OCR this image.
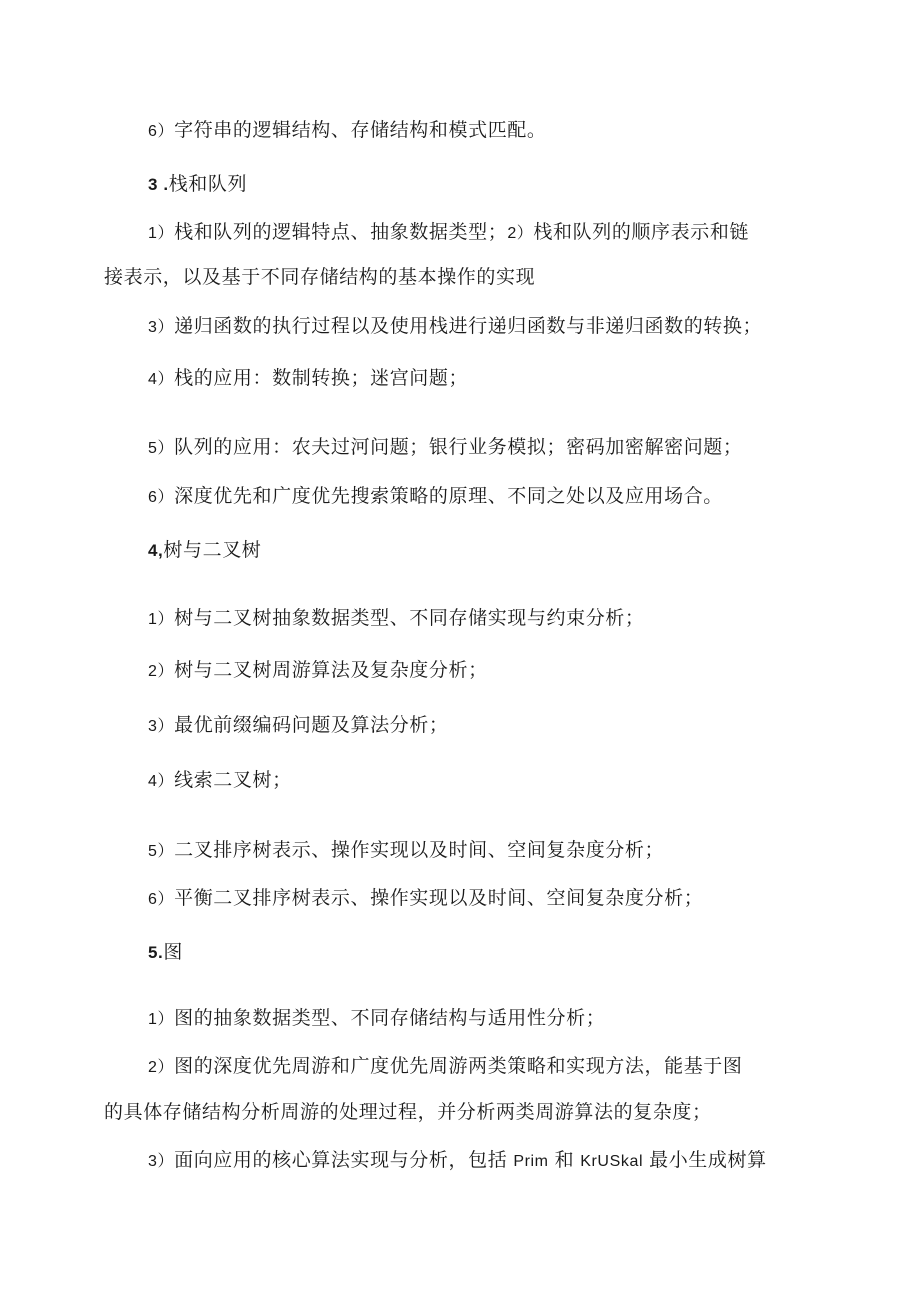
6）字符串的逻辑结构、存储结构和模式匹配。
3 .栈和队列
1）栈和队列的逻辑特点、抽象数据类型；2）栈和队列的顺序表示和链
接表示，以及基于不同存储结构的基本操作的实现
3）递归函数的执行过程以及使用栈进行递归函数与非递归函数的转换；
4）栈的应用：数制转换；迷宫问题；
5）队列的应用：农夫过河问题；银行业务模拟；密码加密解密问题；
6）深度优先和广度优先搜索策略的原理、不同之处以及应用场合。
4,树与二叉树
1）树与二叉树抽象数据类型、不同存储实现与约束分析；
2）树与二叉树周游算法及复杂度分析；
3）最优前缀编码问题及算法分析；
4）线索二叉树；
5）二叉排序树表示、操作实现以及时间、空间复杂度分析；
6）平衡二叉排序树表示、操作实现以及时间、空间复杂度分析；
5.图
1）图的抽象数据类型、不同存储结构与适用性分析；
2）图的深度优先周游和广度优先周游两类策略和实现方法，能基于图
的具体存储结构分析周游的处理过程，并分析两类周游算法的复杂度；
3）面向应用的核心算法实现与分析，包括 Prim 和 KrUSkal 最小生成树算
